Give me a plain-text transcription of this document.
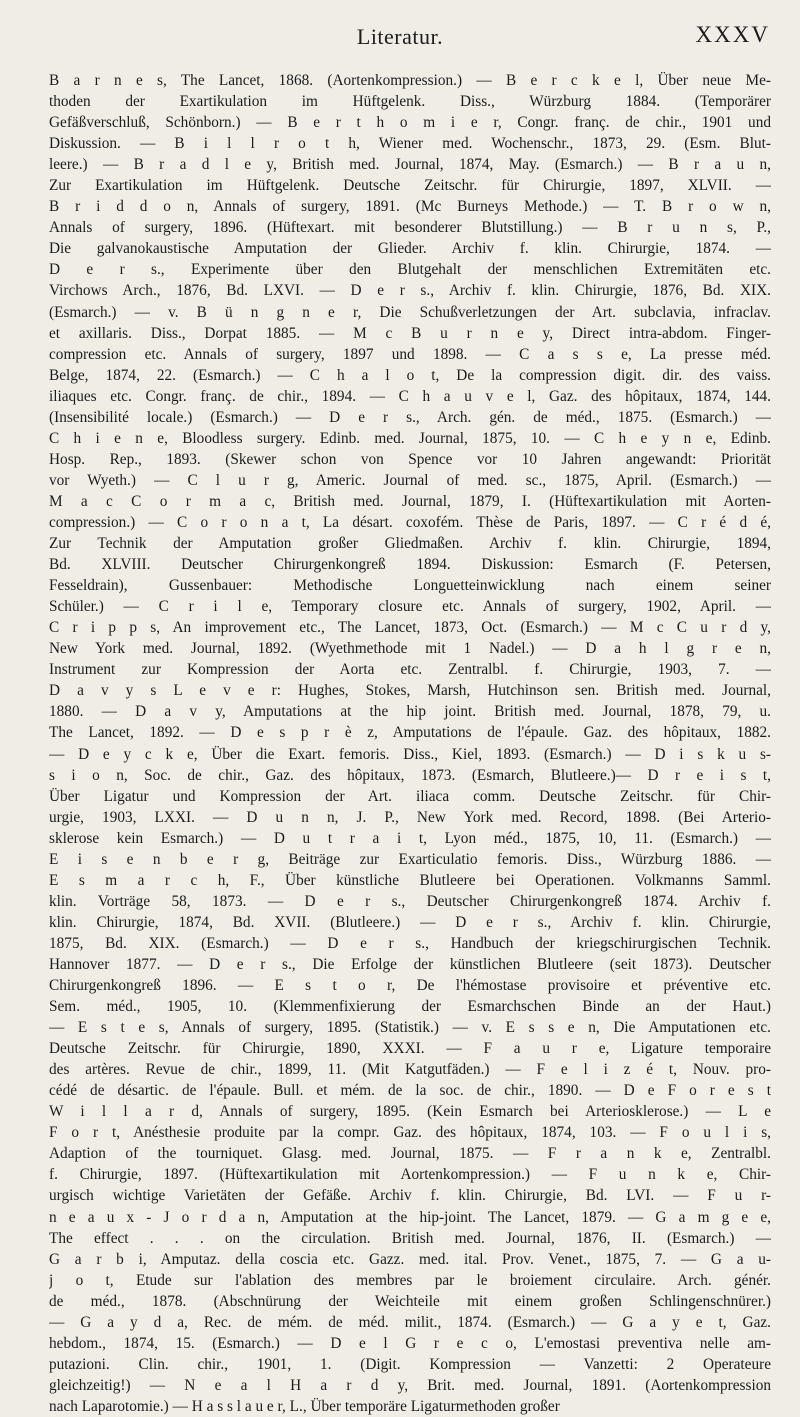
Literatur.	XXXV
B a r n e s, The Lancet, 1868. (Aortenkompression.) — B e r c k e l, Über neue Me-
thoden der Exartikulation im Hüftgelenk. Diss., Würzburg 1884. (Temporärer
Gefäßverschluß, Schönborn.) — B e r t h o m i e r, Congr. franç. de chir., 1901 und
Diskussion. — B i l l r o t h, Wiener med. Wochenschr., 1873, 29. (Esm. Blut-
leere.) — B r a d l e y, British med. Journal, 1874, May. (Esmarch.) — B r a u n,
Zur Exartikulation im Hüftgelenk. Deutsche Zeitschr. für Chirurgie, 1897, XLVII. —
B r i d d o n, Annals of surgery, 1891. (Mc Burneys Methode.) — T. B r o w n,
Annals of surgery, 1896. (Hüftexart. mit besonderer Blutstillung.) — B r u n s, P.,
Die galvanokaustische Amputation der Glieder. Archiv f. klin. Chirurgie, 1874. —
D e r s., Experimente über den Blutgehalt der menschlichen Extremitäten etc.
Virchows Arch., 1876, Bd. LXVI. — D e r s., Archiv f. klin. Chirurgie, 1876, Bd. XIX.
(Esmarch.) — v. B ü n g n e r, Die Schußverletzungen der Art. subclavia, infraclav.
et axillaris. Diss., Dorpat 1885. — M c B u r n e y, Direct intra-abdom. Finger-
compression etc. Annals of surgery, 1897 und 1898. — C a s s e, La presse méd.
Belge, 1874, 22. (Esmarch.) — C h a l o t, De la compression digit. dir. des vaiss.
iliaques etc. Congr. franç. de chir., 1894. — C h a u v e l, Gaz. des hôpitaux, 1874, 144.
(Insensibilité locale.) (Esmarch.) — D e r s., Arch. gén. de méd., 1875. (Esmarch.) —
C h i e n e, Bloodless surgery. Edinb. med. Journal, 1875, 10. — C h e y n e, Edinb.
Hosp. Rep., 1893. (Skewer schon von Spence vor 10 Jahren angewandt: Priorität
vor Wyeth.) — C l u r g, Americ. Journal of med. sc., 1875, April. (Esmarch.) —
M a c C o r m a c, British med. Journal, 1879, I. (Hüftexartikulation mit Aorten-
compression.) — C o r o n a t, La désart. coxofém. Thèse de Paris, 1897. — C r é d é,
Zur Technik der Amputation großer Gliedmaßen. Archiv f. klin. Chirurgie, 1894,
Bd. XLVIII. Deutscher Chirurgenkongreß 1894. Diskussion: Esmarch (F. Petersen,
Fesseldrain), Gussenbauer: Methodische Longuetteinwicklung nach einem seiner
Schüler.) — C r i l e, Temporary closure etc. Annals of surgery, 1902, April. —
C r i p p s, An improvement etc., The Lancet, 1873, Oct. (Esmarch.) — M c C u r d y,
New York med. Journal, 1892. (Wyethmethode mit 1 Nadel.) — D a h l g r e n,
Instrument zur Kompression der Aorta etc. Zentralbl. f. Chirurgie, 1903, 7. —
D a v y s L e v e r: Hughes, Stokes, Marsh, Hutchinson sen. British med. Journal,
1880. — D a v y, Amputations at the hip joint. British med. Journal, 1878, 79, u.
The Lancet, 1892. — D e s p r è z, Amputations de l'épaule. Gaz. des hôpitaux, 1882.
— D e y c k e, Über die Exart. femoris. Diss., Kiel, 1893. (Esmarch.) — D i s k u s-
s i o n, Soc. de chir., Gaz. des hôpitaux, 1873. (Esmarch, Blutleere.)— D r e i s t,
Über Ligatur und Kompression der Art. iliaca comm. Deutsche Zeitschr. für Chir-
urgie, 1903, LXXI. — D u n n, J. P., New York med. Record, 1898. (Bei Arterio-
sklerose kein Esmarch.) — D u t r a i t, Lyon méd., 1875, 10, 11. (Esmarch.) —
E i s e n b e r g, Beiträge zur Exarticulatio femoris. Diss., Würzburg 1886. —
E s m a r c h, F., Über künstliche Blutleere bei Operationen. Volkmanns Samml.
klin. Vorträge 58, 1873. — D e r s., Deutscher Chirurgenkongreß 1874. Archiv f.
klin. Chirurgie, 1874, Bd. XVII. (Blutleere.) — D e r s., Archiv f. klin. Chirurgie,
1875, Bd. XIX. (Esmarch.) — D e r s., Handbuch der kriegschirurgischen Technik.
Hannover 1877. — D e r s., Die Erfolge der künstlichen Blutleere (seit 1873). Deutscher
Chirurgenkongreß 1896. — E s t o r, De l'hémostase provisoire et préventive etc.
Sem. méd., 1905, 10. (Klemmenfixierung der Esmarchschen Binde an der Haut.)
— E s t e s, Annals of surgery, 1895. (Statistik.) — v. E s s e n, Die Amputationen etc.
Deutsche Zeitschr. für Chirurgie, 1890, XXXI. — F a u r e, Ligature temporaire
des artères. Revue de chir., 1899, 11. (Mit Katgutfäden.) — F e l i z é t, Nouv. pro-
cédé de désartic. de l'épaule. Bull. et mém. de la soc. de chir., 1890. — D e F o r e s t
W i l l a r d, Annals of surgery, 1895. (Kein Esmarch bei Arteriosklerose.) — L e
F o r t, Anésthesie produite par la compr. Gaz. des hôpitaux, 1874, 103. — F o u l i s,
Adaption of the tourniquet. Glasg. med. Journal, 1875. — F r a n k e, Zentralbl.
f. Chirurgie, 1897. (Hüftexartikulation mit Aortenkompression.) — F u n k e, Chir-
urgisch wichtige Varietäten der Gefäße. Archiv f. klin. Chirurgie, Bd. LVI. — F u r-
n e a u x - J o r d a n, Amputation at the hip-joint. The Lancet, 1879. — G a m g e e,
The effect . . . on the circulation. British med. Journal, 1876, II. (Esmarch.) —
G a r b i, Amputaz. della coscia etc. Gazz. med. ital. Prov. Venet., 1875, 7. — G a u-
j o t, Etude sur l'ablation des membres par le broiement circulaire. Arch. génér.
de méd., 1878. (Abschnürung der Weichteile mit einem großen Schlingenschnürer.)
— G a y d a, Rec. de mém. de méd. milit., 1874. (Esmarch.) — G a y e t, Gaz.
hebdom., 1874, 15. (Esmarch.) — D e l G r e c o, L'emostasi preventiva nelle am-
putazioni. Clin. chir., 1901, 1. (Digit. Kompression — Vanzetti: 2 Operateure
gleichzeitig!) — N e a l H a r d y, Brit. med. Journal, 1891. (Aortenkompression
nach Laparotomie.) — H a s s l a u e r, L., Über temporäre Ligaturmethoden großer
